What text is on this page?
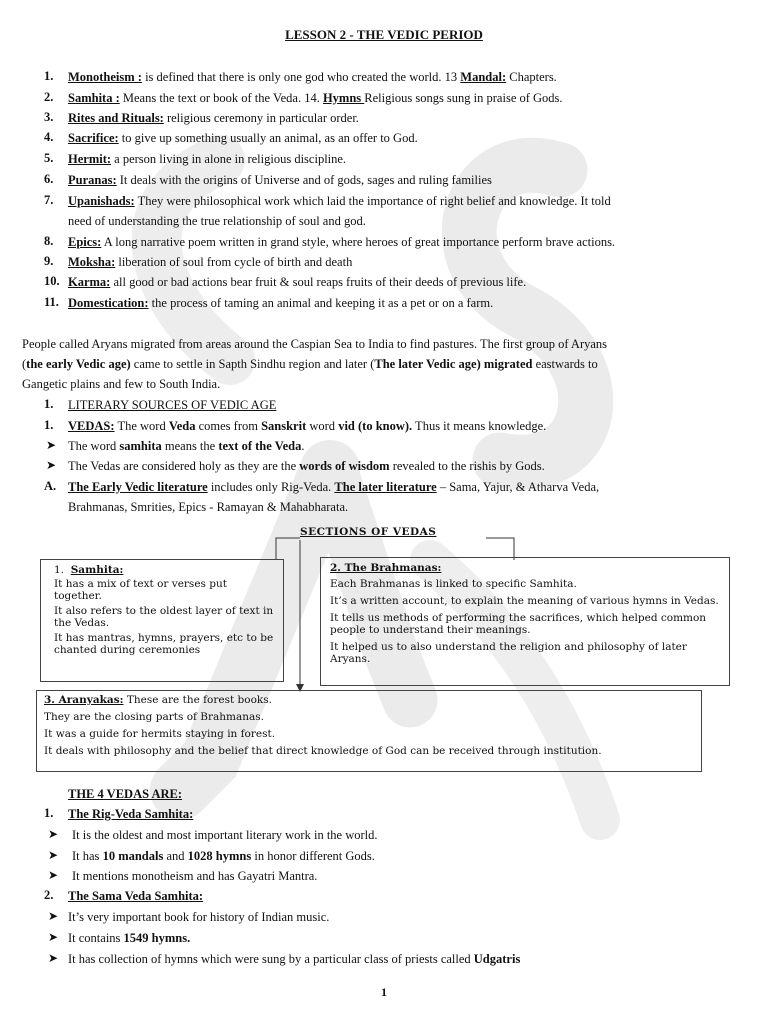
LESSON 2 - THE VEDIC PERIOD
1. Monotheism : is defined that there is only one god who created the world. 13 Mandal: Chapters.
2. Samhita : Means the text or book of the Veda. 14. Hymns Religious songs sung in praise of Gods.
3. Rites and Rituals: religious ceremony in particular order.
4. Sacrifice: to give up something usually an animal, as an offer to God.
5. Hermit: a person living in alone in religious discipline.
6. Puranas: It deals with the origins of Universe and of gods, sages and ruling families
7. Upanishads: They were philosophical work which laid the importance of right belief and knowledge. It told
need of understanding the true relationship of soul and god.
8. Epics: A long narrative poem written in grand style, where heroes of great importance perform brave actions.
9. Moksha: liberation of soul from cycle of birth and death
10. Karma: all good or bad actions bear fruit & soul reaps fruits of their deeds of previous life.
11. Domestication: the process of taming an animal and keeping it as a pet or on a farm.
People called Aryans migrated from areas around the Caspian Sea to India to find pastures. The first group of Aryans
(the early Vedic age) came to settle in Sapth Sindhu region and later (The later Vedic age) migrated eastwards to
Gangetic plains and few to South India.
1. LITERARY SOURCES OF VEDIC AGE
1. VEDAS: The word Veda comes from Sanskrit word vid (to know). Thus it means knowledge.
➤ The word samhita means the text of the Veda.
➤ The Vedas are considered holy as they are the words of wisdom revealed to the rishis by Gods.
A. The Early Vedic literature includes only Rig-Veda. The later literature – Sama, Yajur, & Atharva Veda,
Brahmanas, Smrities, Epics - Ramayan & Mahabharata.
SECTIONS OF VEDAS
1. Samhita:
It has a mix of text or verses put together.
It also refers to the oldest layer of text in the Vedas.
It has mantras, hymns, prayers, etc to be chanted during ceremonies
2. The Brahmanas:
Each Brahmanas is linked to specific Samhita.
It’s a written account, to explain the meaning of various hymns in Vedas.
It tells us methods of performing the sacrifices, which helped common people to understand their meanings.
It helped us to also understand the religion and philosophy of later Aryans.
3. Aranyakas: These are the forest books.
They are the closing parts of Brahmanas.
It was a guide for hermits staying in forest.
It deals with philosophy and the belief that direct knowledge of God can be received through institution.
THE 4 VEDAS ARE:
1. The Rig-Veda Samhita:
➤ It is the oldest and most important literary work in the world.
➤ It has 10 mandals and 1028 hymns in honor different Gods.
➤ It mentions monotheism and has Gayatri Mantra.
2. The Sama Veda Samhita:
➤ It’s very important book for history of Indian music.
➤ It contains 1549 hymns.
➤ It has collection of hymns which were sung by a particular class of priests called Udgatris
1
